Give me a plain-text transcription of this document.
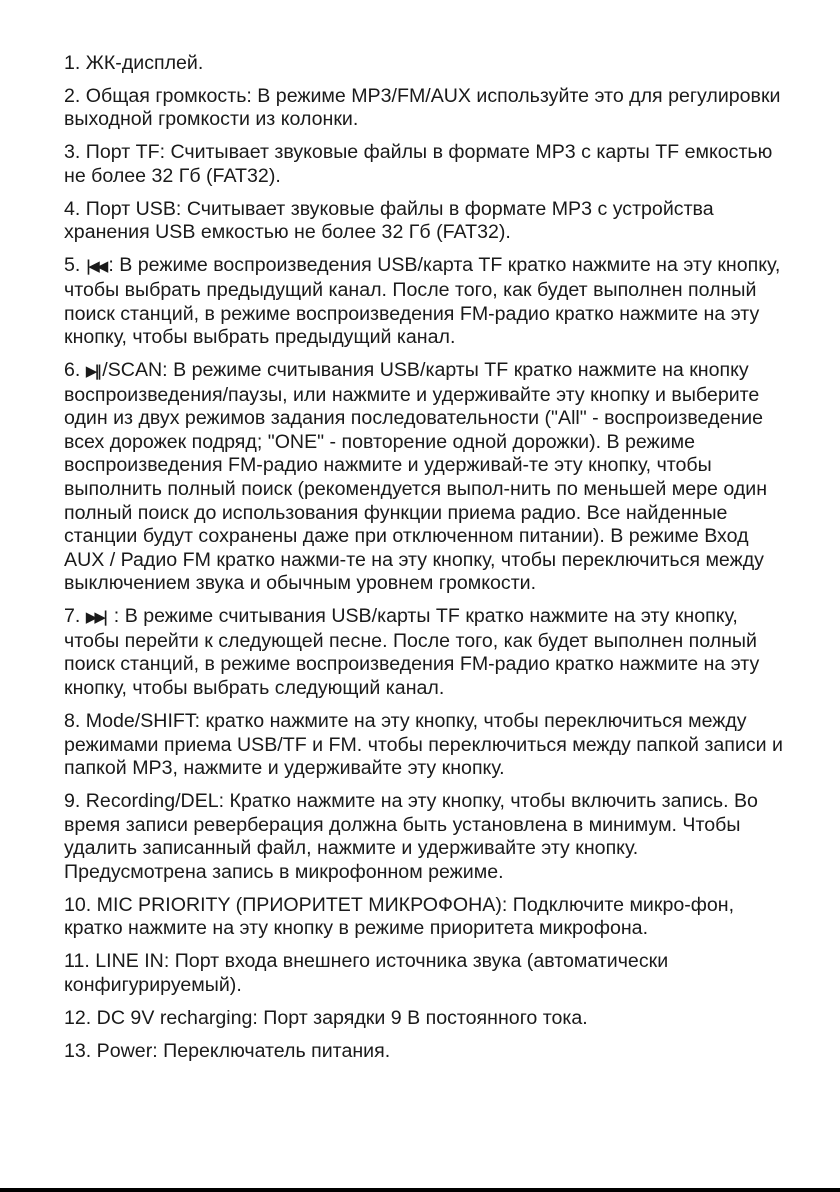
1. ЖК-дисплей.

2. Общая громкость: В режиме MP3/FM/AUX используйте это для регулировки выходной громкости из колонки.

3. Порт TF: Считывает звуковые файлы в формате MP3 с карты TF емкостью не более 32 Гб (FAT32).

4. Порт USB: Считывает звуковые файлы в формате MP3 с устройства хранения USB емкостью не более 32 Гб (FAT32).

5. |◀◀ : В режиме воспроизведения USB/карта TF кратко нажмите на эту кнопку, чтобы выбрать предыдущий канал. После того, как будет выполнен полный поиск станций, в режиме воспроизведения FM-радио кратко нажмите на эту кнопку, чтобы выбрать предыдущий канал.

6. ▶|| /SCAN: В режиме считывания USB/карты TF кратко нажмите на кнопку воспроизведения/паузы, или нажмите и удерживайте эту кнопку и выберите один из двух режимов задания последовательности ("All" - воспроизведение всех дорожек подряд; "ONE" - повторение одной дорожки). В режиме воспроизведения FM-радио нажмите и удерживай-те эту кнопку, чтобы выполнить полный поиск (рекомендуется выпол-нить по меньшей мере один полный поиск до использования функции приема радио. Все найденные станции будут сохранены даже при отключенном питании). В режиме Вход AUX / Радио FM кратко нажми-те на эту кнопку, чтобы переключиться между выключением звука и обычным уровнем громкости.

7. ▶▶| : В режиме считывания USB/карты TF кратко нажмите на эту кнопку, чтобы перейти к следующей песне. После того, как будет выполнен полный поиск станций, в режиме воспроизведения FM-радио кратко нажмите на эту кнопку, чтобы выбрать следующий канал.

8. Mode/SHIFT: кратко нажмите на эту кнопку, чтобы переключиться между режимами приема USB/TF и FM. чтобы переключиться между папкой записи и папкой MP3, нажмите и удерживайте эту кнопку.

9. Recording/DEL: Кратко нажмите на эту кнопку, чтобы включить запись. Во время записи реверберация должна быть установлена в минимум. Чтобы удалить записанный файл, нажмите и удерживайте эту кнопку. Предусмотрена запись в микрофонном режиме.

10. MIC PRIORITY (ПРИОРИТЕТ МИКРОФОНА): Подключите микро-фон, кратко нажмите на эту кнопку в режиме приоритета микрофона.

11. LINE IN: Порт входа внешнего источника звука (автоматически конфигурируемый).

12. DC 9V recharging: Порт зарядки 9 В постоянного тока.

13. Power: Переключатель питания.
